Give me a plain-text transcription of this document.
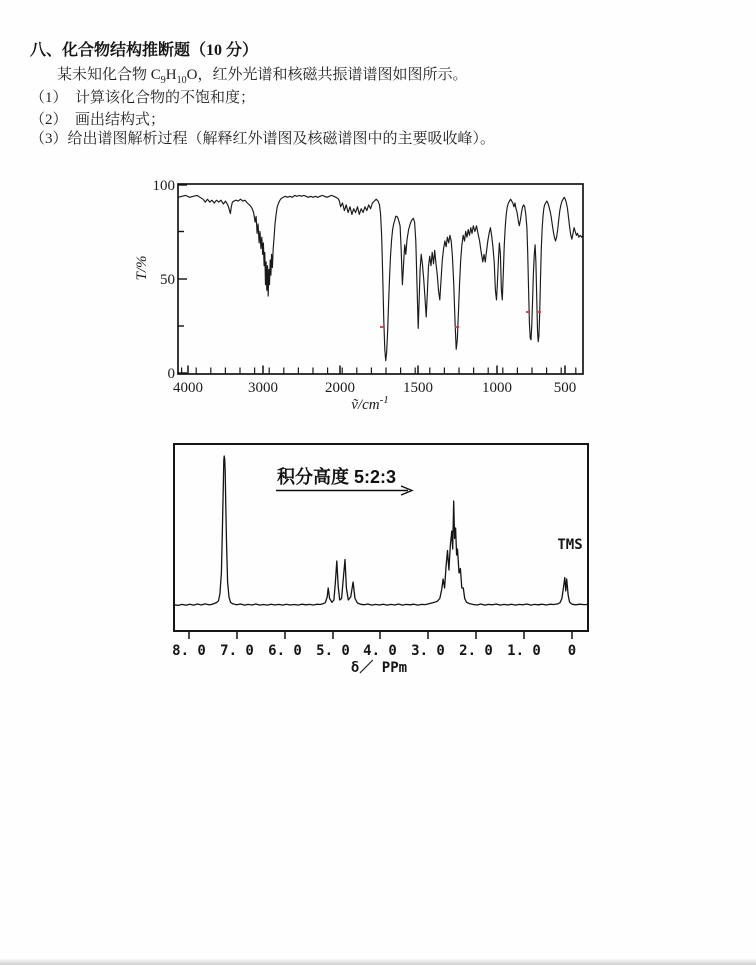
八、化合物结构推断题（10 分）

某未知化合物 $C_9H_{10}O$，红外光谱和核磁共振谱谱图如图所示。

（1）　计算该化合物的不饱和度；

（2）　画出结构式；

（3）给出谱图解析过程（解释红外谱图及核磁谱图中的主要吸收峰）。

100
50
0
T/%
4000	3000	2000	1500	1000	500
$ṽ/cm^{-1}$
积分高度 5:2:3
TMS
8. 0 7. 0 6. 0 5. 0 4. 0 3. 0 2. 0 1. 0 0
δ／ PPm
